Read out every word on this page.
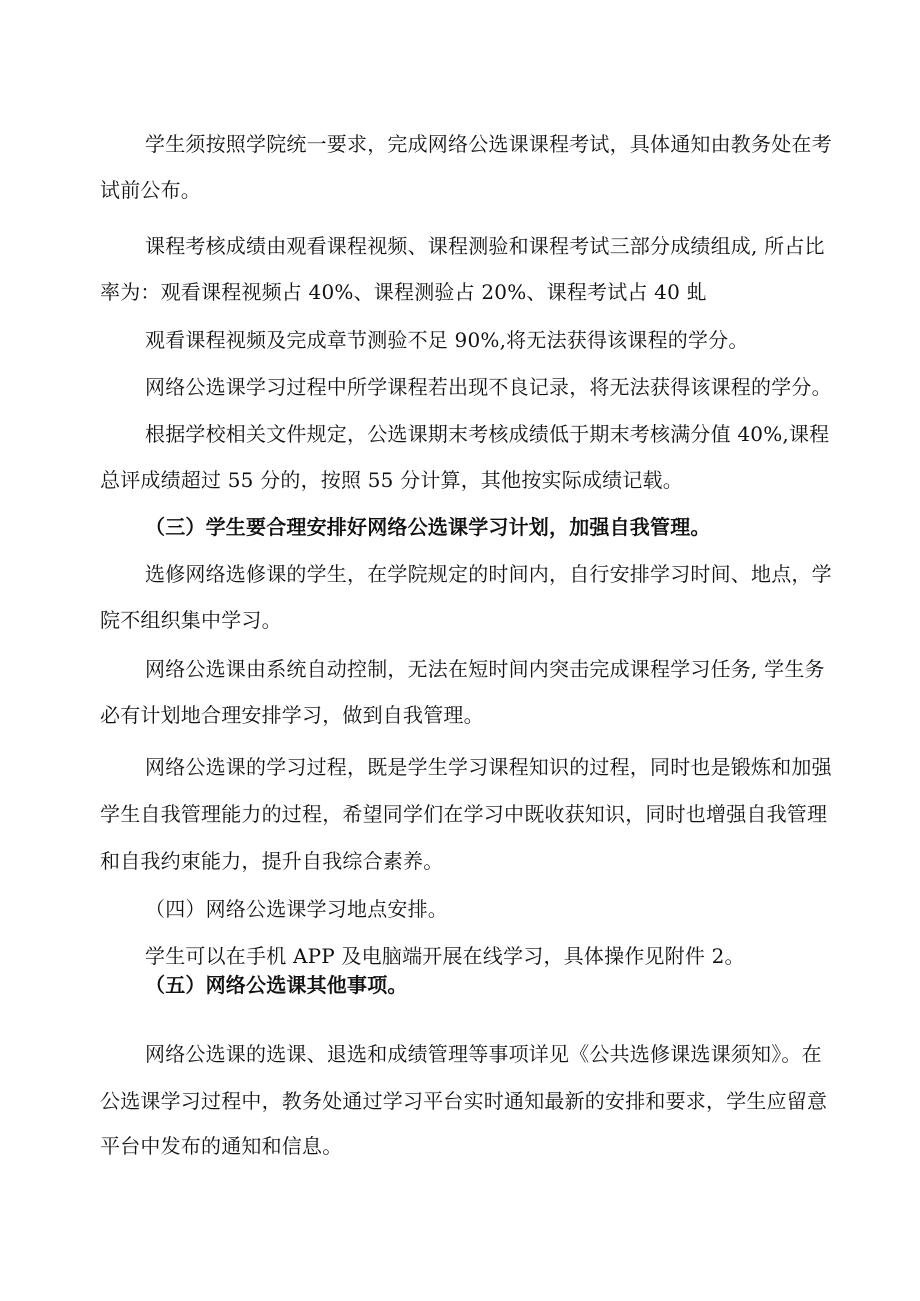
学生须按照学院统一要求，完成网络公选课课程考试，具体通知由教务处在考
试前公布。
课程考核成绩由观看课程视频、课程测验和课程考试三部分成绩组成, 所占比
率为：观看课程视频占 40%、课程测验占 20%、课程考试占 40 虬
观看课程视频及完成章节测验不足 90%,将无法获得该课程的学分。
网络公选课学习过程中所学课程若出现不良记录，将无法获得该课程的学分。
根据学校相关文件规定，公选课期末考核成绩低于期末考核满分值 40%,课程
总评成绩超过 55 分的，按照 55 分计算，其他按实际成绩记载。
（三）学生要合理安排好网络公选课学习计划，加强自我管理。
选修网络选修课的学生，在学院规定的时间内，自行安排学习时间、地点，学
院不组织集中学习。
网络公选课由系统自动控制，无法在短时间内突击完成课程学习任务, 学生务
必有计划地合理安排学习，做到自我管理。
网络公选课的学习过程，既是学生学习课程知识的过程，同时也是锻炼和加强
学生自我管理能力的过程，希望同学们在学习中既收获知识，同时也增强自我管理
和自我约束能力，提升自我综合素养。
（四）网络公选课学习地点安排。
学生可以在手机 APP 及电脑端开展在线学习，具体操作见附件 2。
（五）网络公选课其他事项。
网络公选课的选课、退选和成绩管理等事项详见《公共选修课选课须知》。在
公选课学习过程中，教务处通过学习平台实时通知最新的安排和要求，学生应留意
平台中发布的通知和信息。
